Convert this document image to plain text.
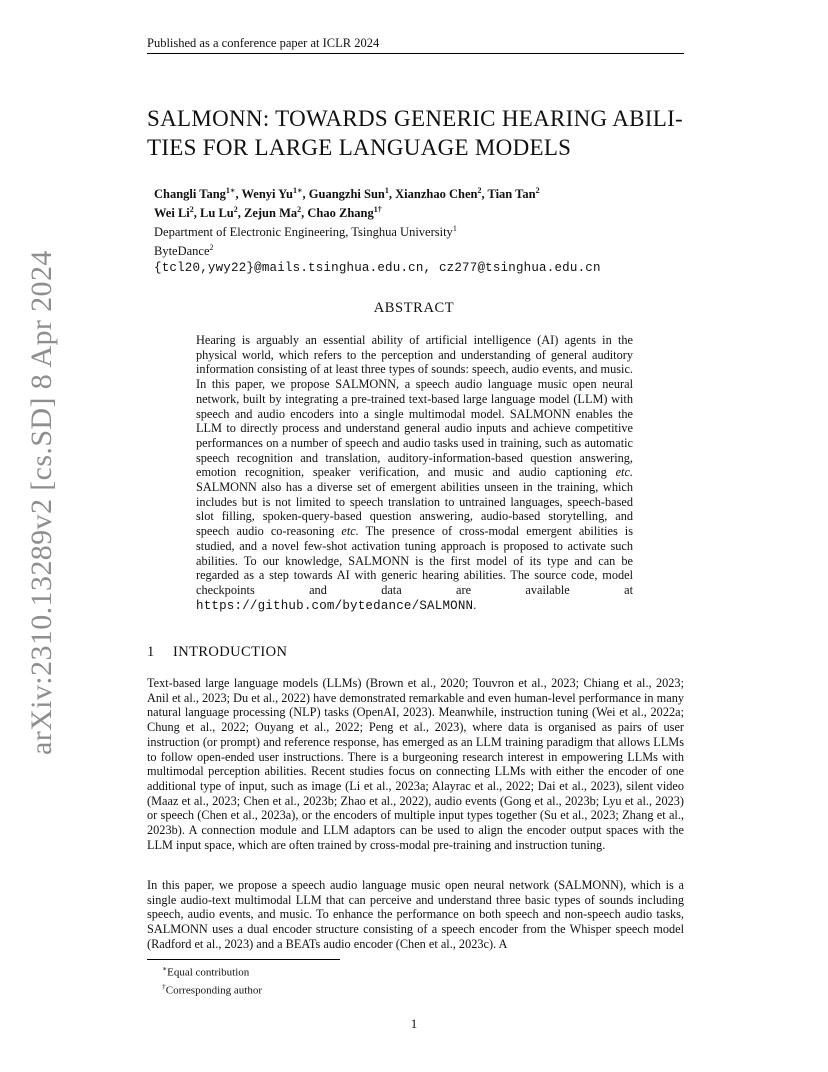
Published as a conference paper at ICLR 2024
arXiv:2310.13289v2 [cs.SD] 8 Apr 2024
SALMONN: TOWARDS GENERIC HEARING ABILI-
TIES FOR LARGE LANGUAGE MODELS
Changli Tang$^{1∗}$, Wenyi $Yu^{1∗}$, Guangzhi Sun$^1$, Xianzhao Chen$^2$, Tian Tan$^2$
Wei Li$^2$, Lu Lu$^2$, Zejun Ma$^2$, Chao Zhang$^{1\dagger}$
Department of Electronic Engineering, Tsinghua University$^1$
ByteDance$^2$
{tcl20,ywy22}@mails.tsinghua.edu.cn, cz277@tsinghua.edu.cn
ABSTRACT
Hearing is arguably an essential ability of artificial intelligence (AI) agents in the physical world, which refers to the perception and understanding of general auditory information consisting of at least three types of sounds: speech, audio events, and music. In this paper, we propose SALMONN, a speech audio language music open neural network, built by integrating a pre-trained text-based large language model (LLM) with speech and audio encoders into a single multimodal model. SALMONN enables the LLM to directly process and understand general audio inputs and achieve competitive performances on a number of speech and audio tasks used in training, such as automatic speech recognition and translation, auditory-information-based question answering, emotion recognition, speaker verification, and music and audio captioning etc. SALMONN also has a diverse set of emergent abilities unseen in the training, which includes but is not limited to speech translation to untrained languages, speech-based slot filling, spoken-query-based question answering, audio-based storytelling, and speech audio co-reasoning etc. The presence of cross-modal emergent abilities is studied, and a novel few-shot activation tuning approach is proposed to activate such abilities. To our knowledge, SALMONN is the first model of its type and can be regarded as a step towards AI with generic hearing abilities. The source code, model checkpoints and data are available at https://github.com/bytedance/SALMONN.
1 INTRODUCTION
Text-based large language models (LLMs) (Brown et al., 2020; Touvron et al., 2023; Chiang et al., 2023; Anil et al., 2023; Du et al., 2022) have demonstrated remarkable and even human-level performance in many natural language processing (NLP) tasks (OpenAI, 2023). Meanwhile, instruction tuning (Wei et al., 2022a; Chung et al., 2022; Ouyang et al., 2022; Peng et al., 2023), where data is organised as pairs of user instruction (or prompt) and reference response, has emerged as an LLM training paradigm that allows LLMs to follow open-ended user instructions. There is a burgeoning research interest in empowering LLMs with multimodal perception abilities. Recent studies focus on connecting LLMs with either the encoder of one additional type of input, such as image (Li et al., 2023a; Alayrac et al., 2022; Dai et al., 2023), silent video (Maaz et al., 2023; Chen et al., 2023b; Zhao et al., 2022), audio events (Gong et al., 2023b; Lyu et al., 2023) or speech (Chen et al., 2023a), or the encoders of multiple input types together (Su et al., 2023; Zhang et al., 2023b). A connection module and LLM adaptors can be used to align the encoder output spaces with the LLM input space, which are often trained by cross-modal pre-training and instruction tuning.
In this paper, we propose a speech audio language music open neural network (SALMONN), which is a single audio-text multimodal LLM that can perceive and understand three basic types of sounds including speech, audio events, and music. To enhance the performance on both speech and non-speech audio tasks, SALMONN uses a dual encoder structure consisting of a speech encoder from the Whisper speech model (Radford et al., 2023) and a BEATs audio encoder (Chen et al., 2023c). A
∗Equal contribution
†Corresponding author
1
